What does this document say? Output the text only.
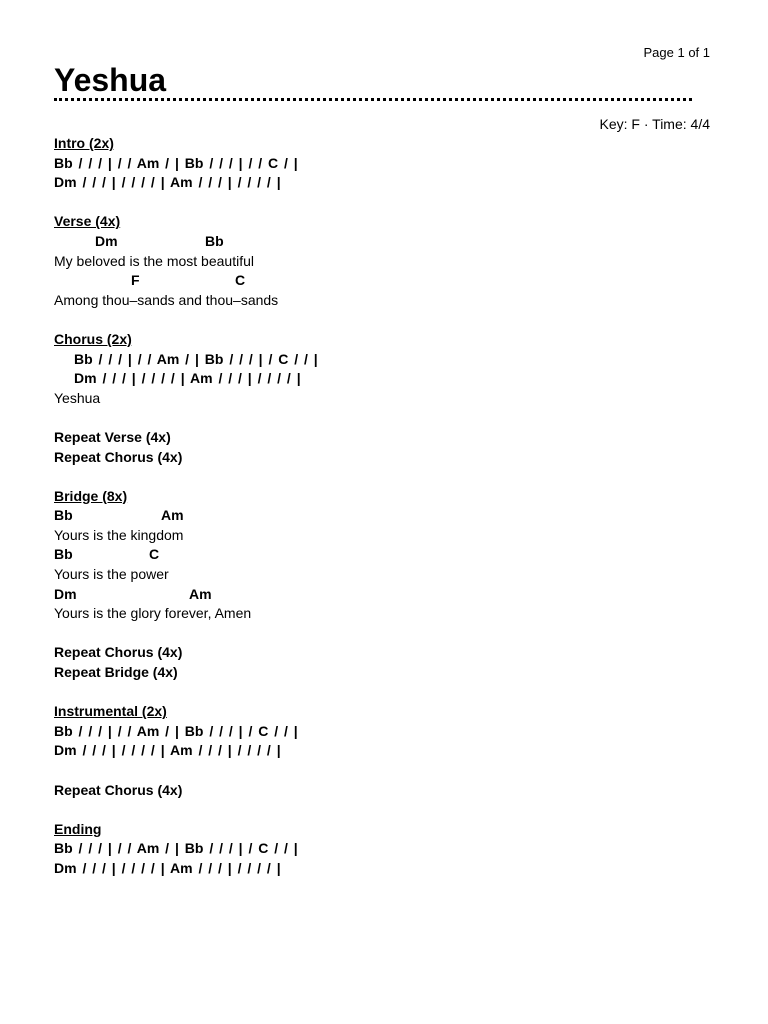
Page 1 of 1
Yeshua
Key: F · Time: 4/4
Intro (2x)
Bb / / / | / / Am / | Bb / / / | / / C / |
Dm / / / | / / / / | Am / / / | / / / / |
Verse (4x)

Dm

	Bb

My beloved is the most beautiful

F

	C

Among thou–sands and thou–sands
Chorus (2x)
Bb / / / | / / Am / | Bb / / / | / C / / |
Dm / / / | / / / / | Am / / / | / / / / |
Yeshua
Repeat Verse (4x)
Repeat Chorus (4x)
Bridge (8x)

Bb

	Am

Yours is the kingdom

Bb

	C

Yours is the power

Dm

	Am

Yours is the glory forever, Amen
Repeat Chorus (4x)
Repeat Bridge (4x)
Instrumental (2x)
Bb / / / | / / Am / | Bb / / / | / C / / |
Dm / / / | / / / / | Am / / / | / / / / |
Repeat Chorus (4x)
Ending
Bb / / / | / / Am / | Bb / / / | / C / / |
Dm / / / | / / / / | Am / / / | / / / / |
